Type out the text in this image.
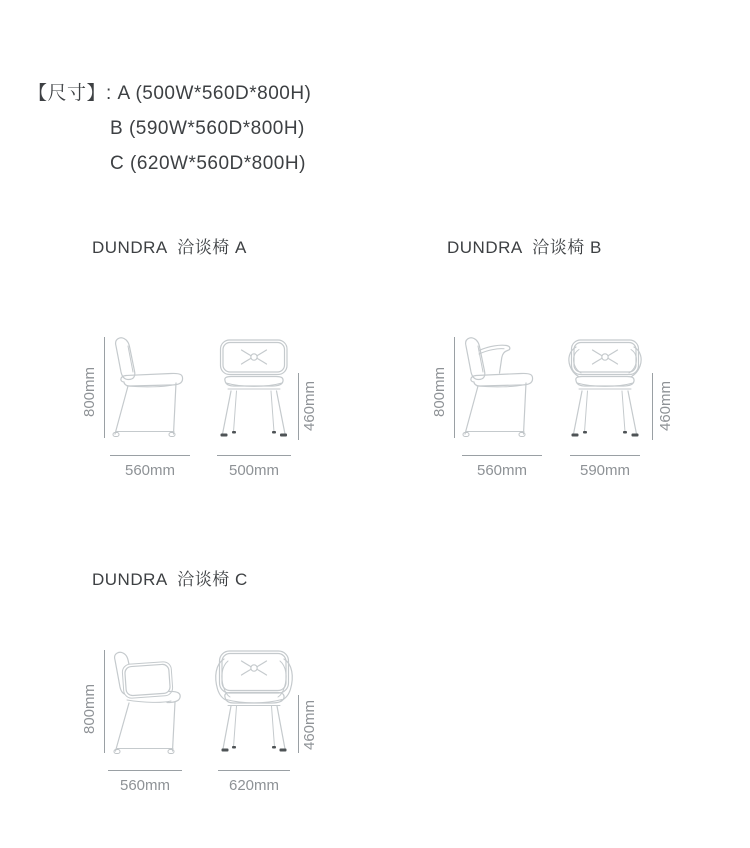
【尺寸】: A (500W*560D*800H)
B (590W*560D*800H)
C (620W*560D*800H)
DUNDRA  洽谈椅 A	DUNDRA  洽谈椅 B
DUNDRA  洽谈椅 C
800mm	460mm
560mm	500mm
800mm	460mm
560mm	590mm
800mm	460mm
560mm	620mm
